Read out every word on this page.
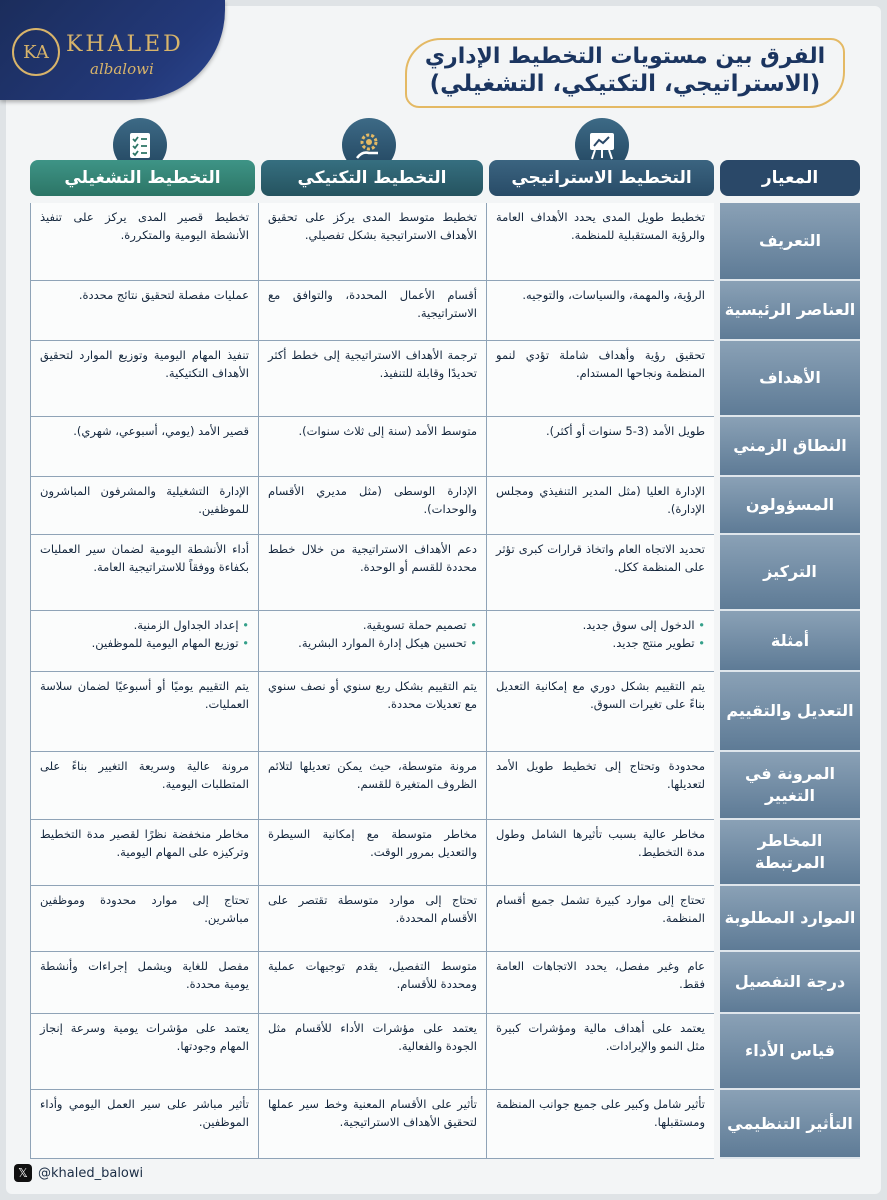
KA KHALED
albalowi	الفرق بين مستويات التخطيط الإداري
(الاستراتيجي، التكتيكي، التشغيلي)
المعيار
التخطيط الاستراتيجي
التخطيط التكتيكي
التخطيط التشغيلي
التعريف
تخطيط طويل المدى يحدد الأهداف العامة والرؤية المستقبلية للمنظمة.
تخطيط متوسط المدى يركز على تحقيق الأهداف الاستراتيجية بشكل تفصيلي.
تخطيط قصير المدى يركز على تنفيذ الأنشطة اليومية والمتكررة.
العناصر الرئيسية
الرؤية، والمهمة، والسياسات، والتوجيه.
أقسام الأعمال المحددة، والتوافق مع الاستراتيجية.
عمليات مفصلة لتحقيق نتائج محددة.
الأهداف
تحقيق رؤية وأهداف شاملة تؤدي لنمو المنظمة ونجاحها المستدام.
ترجمة الأهداف الاستراتيجية إلى خطط أكثر تحديدًا وقابلة للتنفيذ.
تنفيذ المهام اليومية وتوزيع الموارد لتحقيق الأهداف التكتيكية.
النطاق الزمني
طويل الأمد (3-5 سنوات أو أكثر).
متوسط الأمد (سنة إلى ثلاث سنوات).
قصير الأمد (يومي، أسبوعي، شهري).
المسؤولون
الإدارة العليا (مثل المدير التنفيذي ومجلس الإدارة).
الإدارة الوسطى (مثل مديري الأقسام والوحدات).
الإدارة التشغيلية والمشرفون المباشرون للموظفين.
التركيز
تحديد الاتجاه العام واتخاذ قرارات كبرى تؤثر على المنظمة ككل.
دعم الأهداف الاستراتيجية من خلال خطط محددة للقسم أو الوحدة.
أداء الأنشطة اليومية لضمان سير العمليات بكفاءة ووفقاً للاستراتيجية العامة.
أمثلة
• الدخول إلى سوق جديد.
• تطوير منتج جديد.
• تصميم حملة تسويقية.
• تحسين هيكل إدارة الموارد البشرية.
• إعداد الجداول الزمنية.
• توزيع المهام اليومية للموظفين.
التعديل والتقييم
يتم التقييم بشكل دوري مع إمكانية التعديل بناءً على تغيرات السوق.
يتم التقييم بشكل ربع سنوي أو نصف سنوي مع تعديلات محددة.
يتم التقييم يوميًا أو أسبوعيًا لضمان سلاسة العمليات.
المرونة في التغيير
محدودة وتحتاج إلى تخطيط طويل الأمد لتعديلها.
مرونة متوسطة، حيث يمكن تعديلها لتلائم الظروف المتغيرة للقسم.
مرونة عالية وسريعة التغيير بناءً على المتطلبات اليومية.
المخاطر المرتبطة
مخاطر عالية بسبب تأثيرها الشامل وطول مدة التخطيط.
مخاطر متوسطة مع إمكانية السيطرة والتعديل بمرور الوقت.
مخاطر منخفضة نظرًا لقصير مدة التخطيط وتركيزه على المهام اليومية.
الموارد المطلوبة
تحتاج إلى موارد كبيرة تشمل جميع أقسام المنظمة.
تحتاج إلى موارد متوسطة تقتصر على الأقسام المحددة.
تحتاج إلى موارد محدودة وموظفين مباشرين.
درجة التفصيل
عام وغير مفصل، يحدد الاتجاهات العامة فقط.
متوسط التفصيل، يقدم توجيهات عملية ومحددة للأقسام.
مفصل للغاية ويشمل إجراءات وأنشطة يومية محددة.
قياس الأداء
يعتمد على أهداف مالية ومؤشرات كبيرة مثل النمو والإيرادات.
يعتمد على مؤشرات الأداء للأقسام مثل الجودة والفعالية.
يعتمد على مؤشرات يومية وسرعة إنجاز المهام وجودتها.
التأثير التنظيمي
تأثير شامل وكبير على جميع جوانب المنظمة ومستقبلها.
تأثير على الأقسام المعنية وخط سير عملها لتحقيق الأهداف الاستراتيجية.
تأثير مباشر على سير العمل اليومي وأداء الموظفين.
𝕏 @khaled_balowi
